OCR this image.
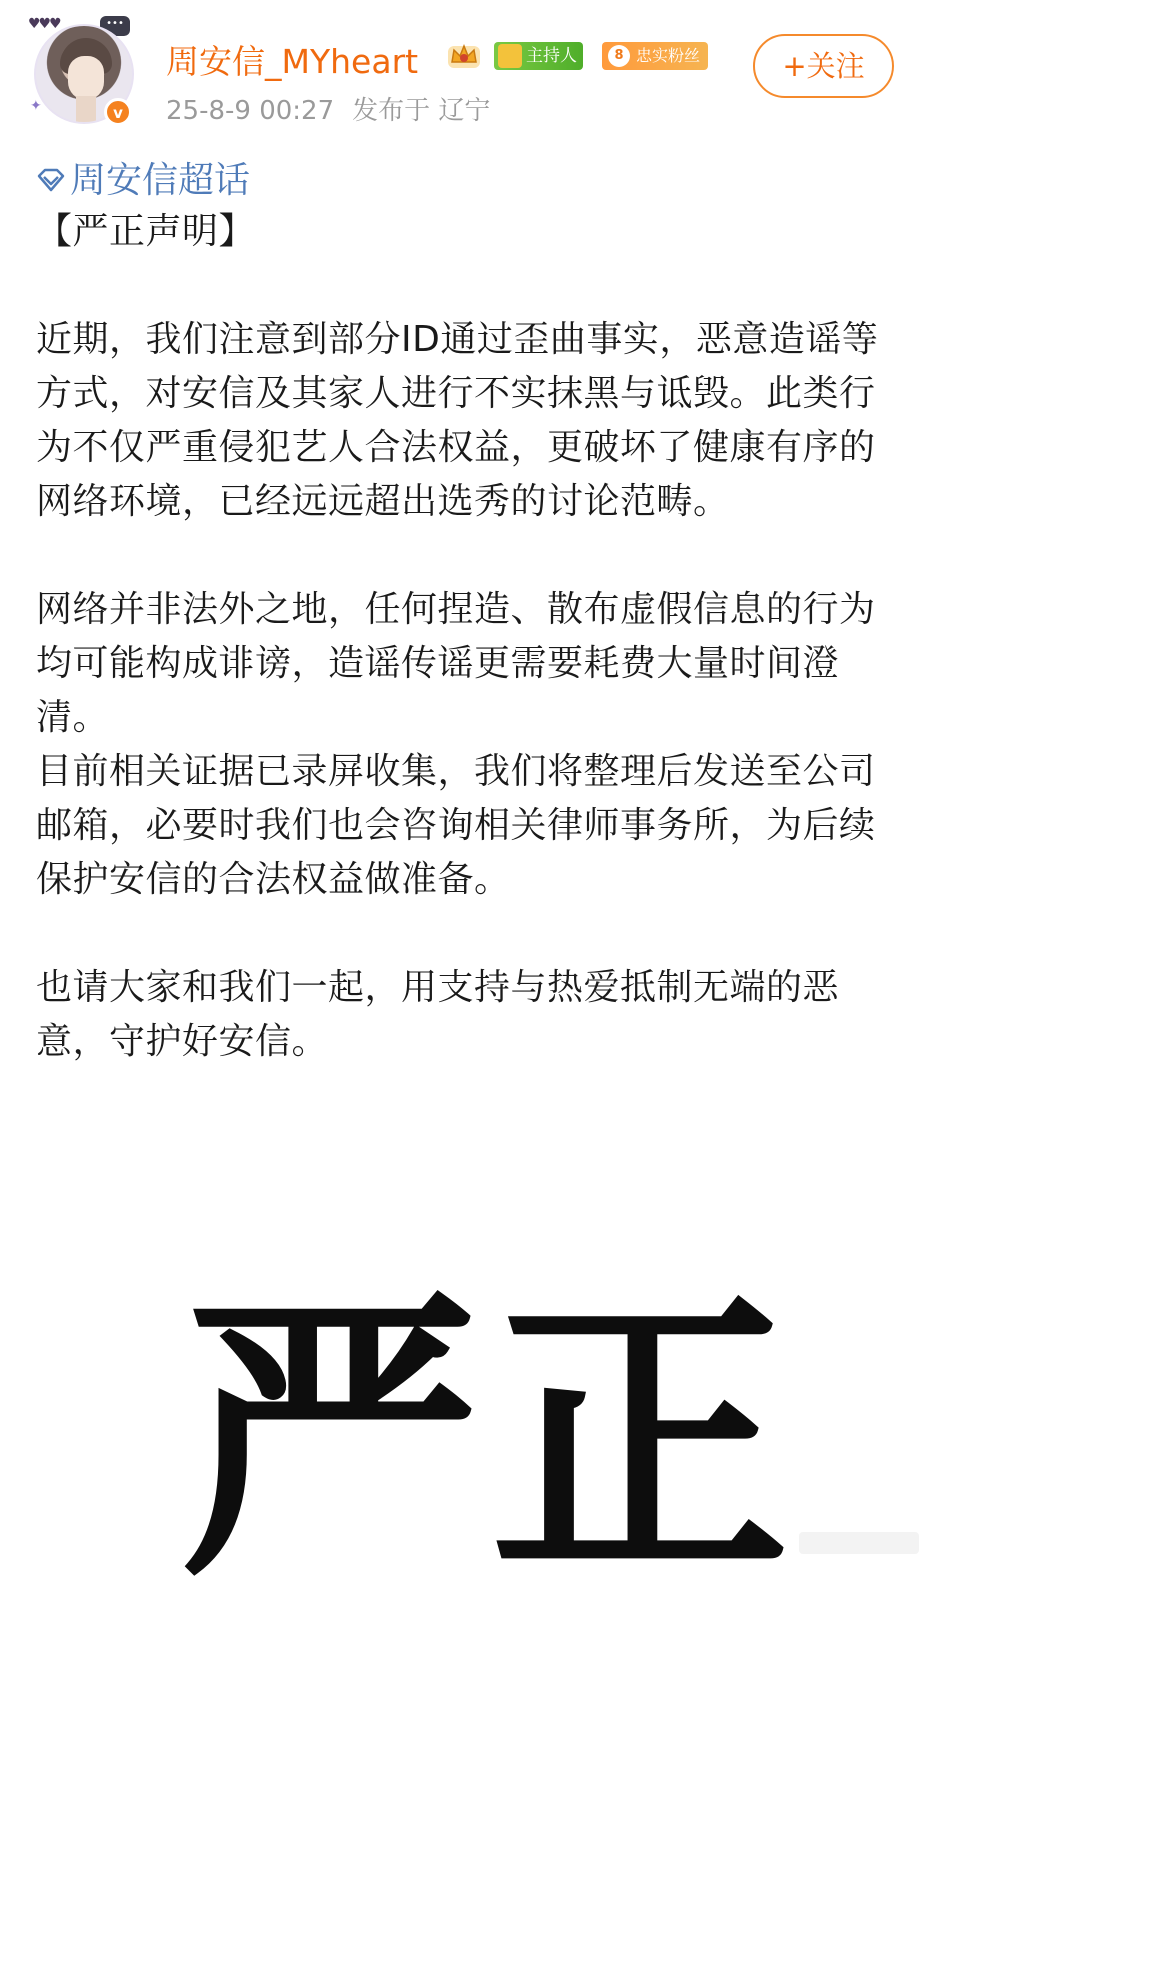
♥♥♥	•••
✦	v
周安信_MYheart	主持人	8 忠实粉丝
25-8-9 00:27 发布于 辽宁
+关注
周安信超话
【严正声明】

近期，我们注意到部分ID通过歪曲事实，恶意造谣等方式，对安信及其家人进行不实抹黑与诋毁。此类行为不仅严重侵犯艺人合法权益，更破坏了健康有序的网络环境，已经远远超出选秀的讨论范畴。

网络并非法外之地，任何捏造、散布虚假信息的行为均可能构成诽谤，造谣传谣更需要耗费大量时间澄清。
目前相关证据已录屏收集，我们将整理后发送至公司邮箱，必要时我们也会咨询相关律师事务所，为后续保护安信的合法权益做准备。

也请大家和我们一起，用支持与热爱抵制无端的恶意，守护好安信。
严正
